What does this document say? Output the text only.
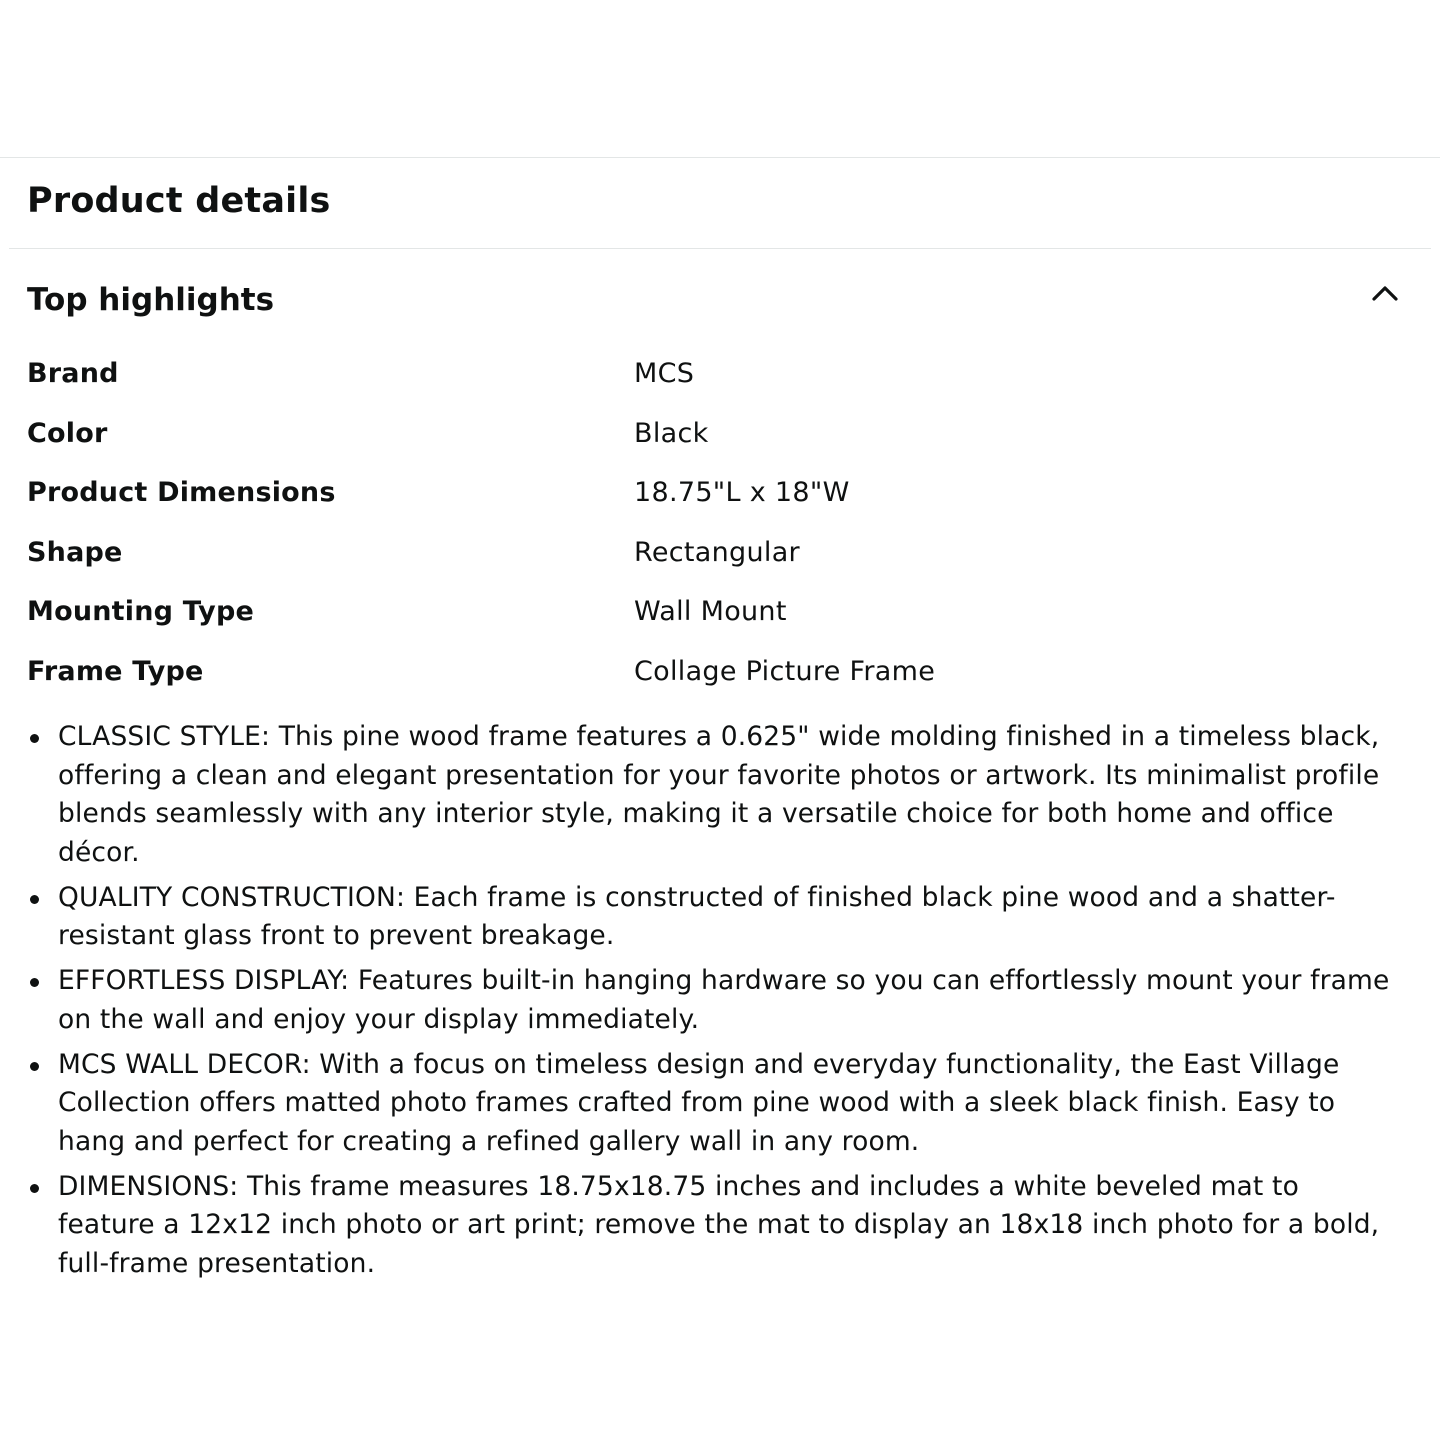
Product details
Top highlights
Brand	MCS
Color	Black
Product Dimensions	18.75"L x 18"W
Shape	Rectangular
Mounting Type	Wall Mount
Frame Type	Collage Picture Frame
CLASSIC STYLE: This pine wood frame features a 0.625" wide molding finished in a timeless black, offering a clean and elegant presentation for your favorite photos or artwork. Its minimalist profile blends seamlessly with any interior style, making it a versatile choice for both home and office décor.
QUALITY CONSTRUCTION: Each frame is constructed of finished black pine wood and a shatter-resistant glass front to prevent breakage.
EFFORTLESS DISPLAY: Features built-in hanging hardware so you can effortlessly mount your frame on the wall and enjoy your display immediately.
MCS WALL DECOR: With a focus on timeless design and everyday functionality, the East Village Collection offers matted photo frames crafted from pine wood with a sleek black finish. Easy to hang and perfect for creating a refined gallery wall in any room.
DIMENSIONS: This frame measures 18.75x18.75 inches and includes a white beveled mat to feature a 12x12 inch photo or art print; remove the mat to display an 18x18 inch photo for a bold, full-frame presentation.
